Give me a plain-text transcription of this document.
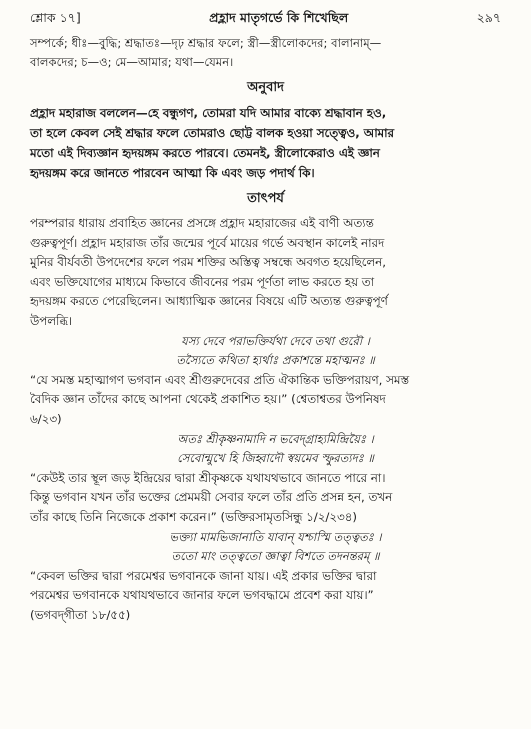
শ্লোক ১৭]	প্রহ্লাদ মাতৃগর্ভে কি শিখেছিল	২৯৭
সম্পর্কে; ধীঃ—বুদ্ধি; শ্রদ্ধাতঃ—দৃঢ় শ্রদ্ধার ফলে; স্ত্রী—স্ত্রীলোকদের; বালানাম্—
বালকদের; চ—ও; মে—আমার; যথা—যেমন।
অনুবাদ
প্রহ্লাদ মহারাজ বললেন—হে বন্ধুগণ, তোমরা যদি আমার বাক্যে শ্রদ্ধাবান হও,
তা হলে কেবল সেই শ্রদ্ধার ফলে তোমরাও ছোট্ট বালক হওয়া সত্ত্বেও, আমার
মতো এই দিব্যজ্ঞান হৃদয়ঙ্গম করতে পারবে। তেমনই, স্ত্রীলোকেরাও এই জ্ঞান
হৃদয়ঙ্গম করে জানতে পারবেন আত্মা কি এবং জড় পদার্থ কি।
তাৎপর্য
পরম্পরার ধারায় প্রবাহিত জ্ঞানের প্রসঙ্গে প্রহ্লাদ মহারাজের এই বাণী অত্যন্ত
গুরুত্বপূর্ণ। প্রহ্লাদ মহারাজ তাঁর জন্মের পূর্বে মায়ের গর্ভে অবস্থান কালেই নারদ
মুনির বীর্যবতী উপদেশের ফলে পরম শক্তির অস্তিত্ব সম্বন্ধে অবগত হয়েছিলেন,
এবং ভক্তিযোগের মাধ্যমে কিভাবে জীবনের পরম পূর্ণতা লাভ করতে হয় তা
হৃদয়ঙ্গম করতে পেরেছিলেন। আধ্যাত্মিক জ্ঞানের বিষয়ে এটি অত্যন্ত গুরুত্বপূর্ণ
উপলব্ধি।
যস্য দেবে পরাভক্তির্যথা দেবে তথা গুরৌ ।
তস্যৈতে কথিতা হ্যর্থাঃ প্রকাশন্তে মহাত্মনঃ ॥
“যে সমস্ত মহাত্মাগণ ভগবান এবং শ্রীগুরুদেবের প্রতি ঐকান্তিক ভক্তিপরায়ণ, সমস্ত
বৈদিক জ্ঞান তাঁদের কাছে আপনা থেকেই প্রকাশিত হয়।” (শ্বেতাশ্বতর উপনিষদ
৬/২৩)
অতঃ শ্রীকৃষ্ণনামাদি ন ভবেদ্‌গ্রাহ্যমিন্দ্রিয়ৈঃ ।
সেবোন্মুখে হি জিহ্বাদৌ স্বয়মেব স্ফুরত্যদঃ ॥
“কেউই তার স্থূল জড় ইন্দ্রিয়ের দ্বারা শ্রীকৃষ্ণকে যথাযথভাবে জানতে পারে না।
কিন্তু ভগবান যখন তাঁর ভক্তের প্রেমময়ী সেবার ফলে তাঁর প্রতি প্রসন্ন হন, তখন
তাঁর কাছে তিনি নিজেকে প্রকাশ করেন।” (ভক্তিরসামৃতসিন্ধু ১/২/২৩৪)
ভক্ত্যা মামভিজানাতি যাবান্ যশ্চাস্মি তত্ত্বতঃ ।
ততো মাং তত্ত্বতো জ্ঞাত্বা বিশতে তদনন্তরম্ ॥
“কেবল ভক্তির দ্বারা পরমেশ্বর ভগবানকে জানা যায়। এই প্রকার ভক্তির দ্বারা
পরমেশ্বর ভগবানকে যথাযথভাবে জানার ফলে ভগবদ্ধামে প্রবেশ করা যায়।”
(ভগবদ্‌গীতা ১৮/৫৫)
